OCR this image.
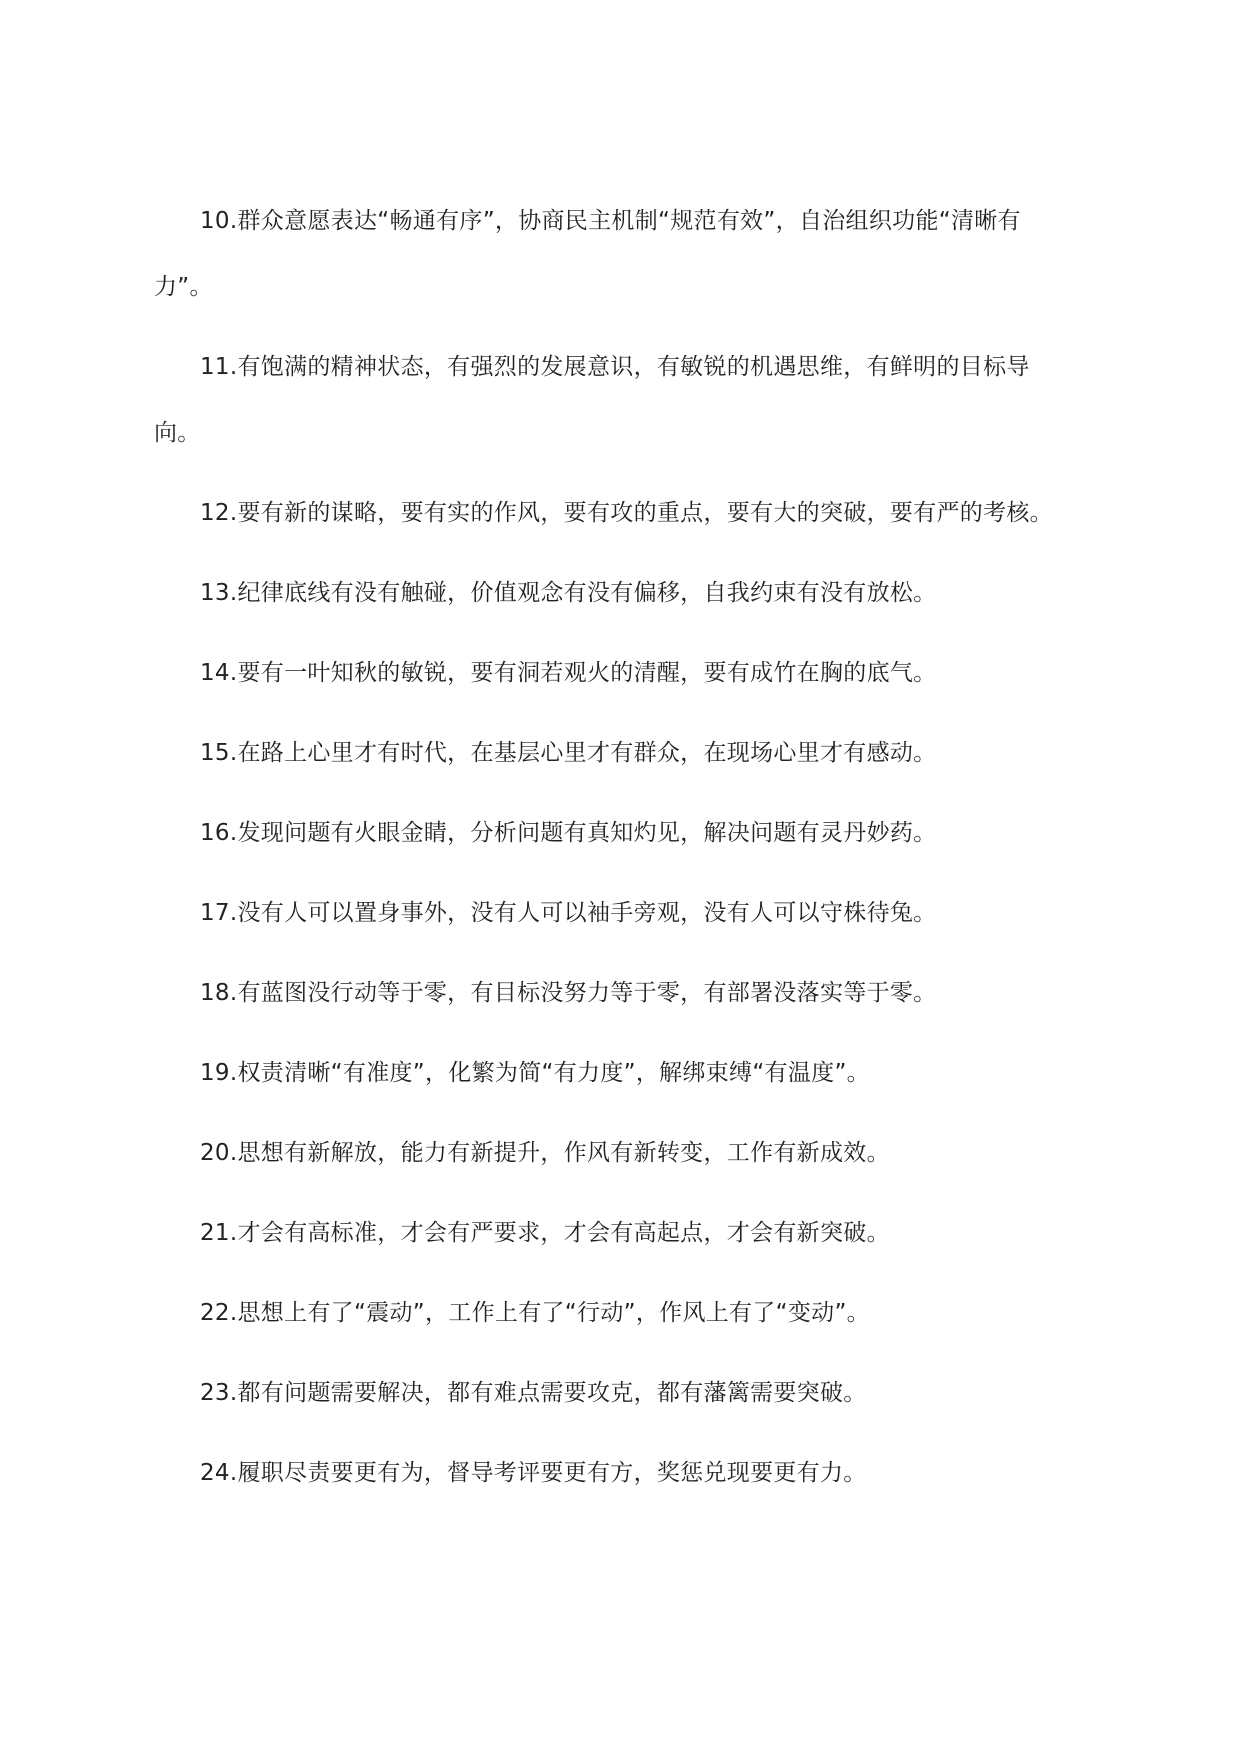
10.群众意愿表达“畅通有序”，协商民主机制“规范有效”，自治组织功能“清晰有力”。

11.有饱满的精神状态，有强烈的发展意识，有敏锐的机遇思维，有鲜明的目标导向。

12.要有新的谋略，要有实的作风，要有攻的重点，要有大的突破，要有严的考核。

13.纪律底线有没有触碰，价值观念有没有偏移，自我约束有没有放松。

14.要有一叶知秋的敏锐，要有洞若观火的清醒，要有成竹在胸的底气。

15.在路上心里才有时代，在基层心里才有群众，在现场心里才有感动。

16.发现问题有火眼金睛，分析问题有真知灼见，解决问题有灵丹妙药。

17.没有人可以置身事外，没有人可以袖手旁观，没有人可以守株待兔。

18.有蓝图没行动等于零，有目标没努力等于零，有部署没落实等于零。

19.权责清晰“有准度”，化繁为简“有力度”，解绑束缚“有温度”。

20.思想有新解放，能力有新提升，作风有新转变，工作有新成效。

21.才会有高标准，才会有严要求，才会有高起点，才会有新突破。

22.思想上有了“震动”，工作上有了“行动”，作风上有了“变动”。

23.都有问题需要解决，都有难点需要攻克，都有藩篱需要突破。

24.履职尽责要更有为，督导考评要更有方，奖惩兑现要更有力。
